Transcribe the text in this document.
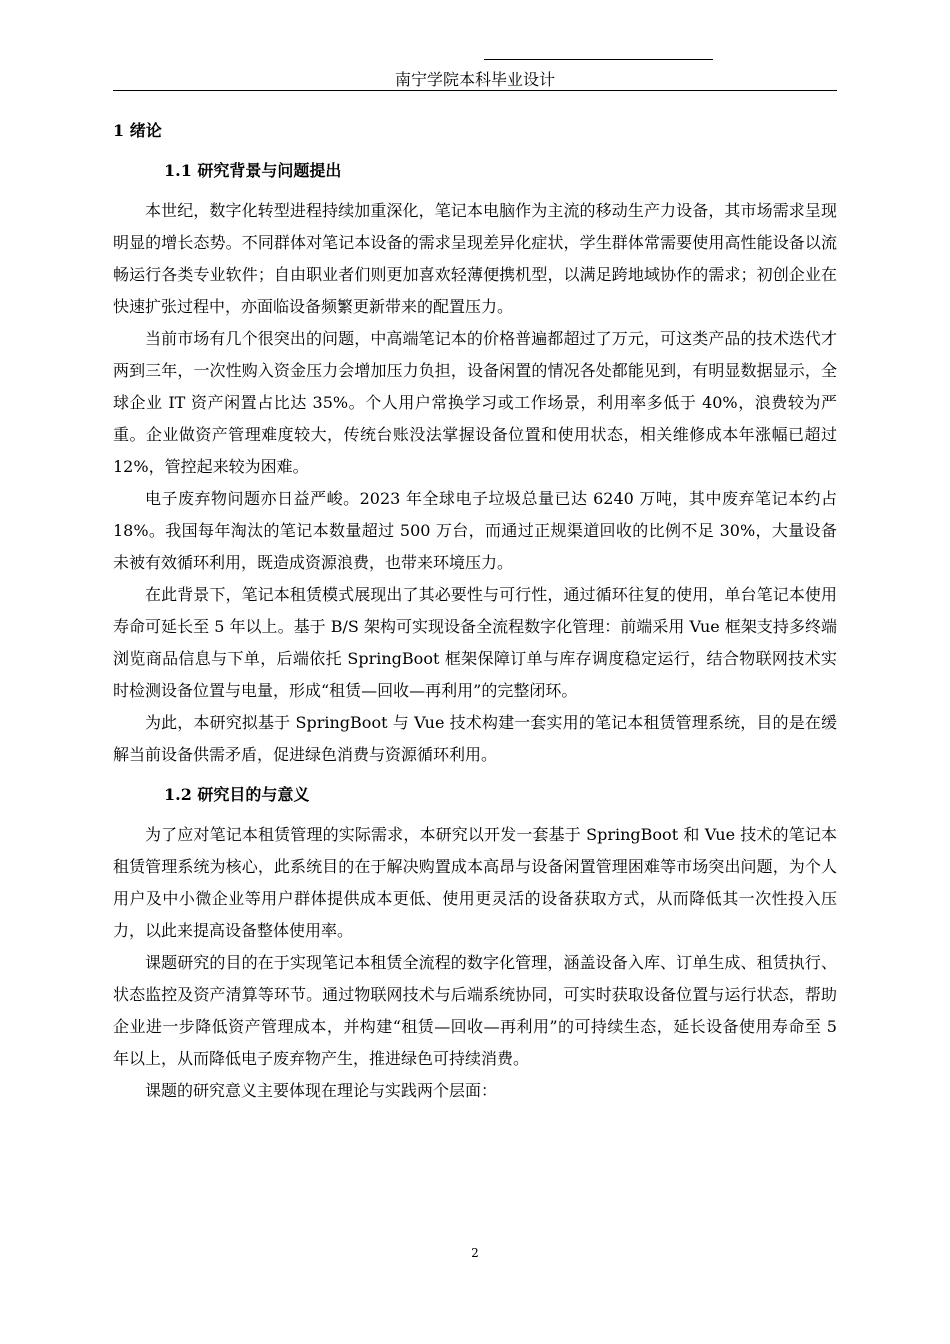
南宁学院本科毕业设计
1 绪论
1.1 研究背景与问题提出

本世纪，数字化转型进程持续加重深化，笔记本电脑作为主流的移动生产力设备，其市场需求呈现明显的增长态势。不同群体对笔记本设备的需求呈现差异化症状，学生群体常需要使用高性能设备以流畅运行各类专业软件；自由职业者们则更加喜欢轻薄便携机型，以满足跨地域协作的需求；初创企业在快速扩张过程中，亦面临设备频繁更新带来的配置压力。

当前市场有几个很突出的问题，中高端笔记本的价格普遍都超过了万元，可这类产品的技术迭代才两到三年，一次性购入资金压力会增加压力负担，设备闲置的情况各处都能见到，有明显数据显示，全球企业 IT 资产闲置占比达 35%。个人用户常换学习或工作场景，利用率多低于 40%，浪费较为严重。企业做资产管理难度较大，传统台账没法掌握设备位置和使用状态，相关维修成本年涨幅已超过 12%，管控起来较为困难。

电子废弃物问题亦日益严峻。2023 年全球电子垃圾总量已达 6240 万吨，其中废弃笔记本约占 18%。我国每年淘汰的笔记本数量超过 500 万台，而通过正规渠道回收的比例不足 30%，大量设备未被有效循环利用，既造成资源浪费，也带来环境压力。

在此背景下，笔记本租赁模式展现出了其必要性与可行性，通过循环往复的使用，单台笔记本使用寿命可延长至 5 年以上。基于 B/S 架构可实现设备全流程数字化管理：前端采用 Vue 框架支持多终端浏览商品信息与下单，后端依托 SpringBoot 框架保障订单与库存调度稳定运行，结合物联网技术实时检测设备位置与电量，形成“租赁—回收—再利用”的完整闭环。

为此，本研究拟基于 SpringBoot 与 Vue 技术构建一套实用的笔记本租赁管理系统，目的是在缓解当前设备供需矛盾，促进绿色消费与资源循环利用。

1.2 研究目的与意义

为了应对笔记本租赁管理的实际需求，本研究以开发一套基于 SpringBoot 和 Vue 技术的笔记本租赁管理系统为核心，此系统目的在于解决购置成本高昂与设备闲置管理困难等市场突出问题，为个人用户及中小微企业等用户群体提供成本更低、使用更灵活的设备获取方式，从而降低其一次性投入压力，以此来提高设备整体使用率。

课题研究的目的在于实现笔记本租赁全流程的数字化管理，涵盖设备入库、订单生成、租赁执行、状态监控及资产清算等环节。通过物联网技术与后端系统协同，可实时获取设备位置与运行状态，帮助企业进一步降低资产管理成本，并构建“租赁—回收—再利用”的可持续生态，延长设备使用寿命至 5 年以上，从而降低电子废弃物产生，推进绿色可持续消费。

课题的研究意义主要体现在理论与实践两个层面：

2
